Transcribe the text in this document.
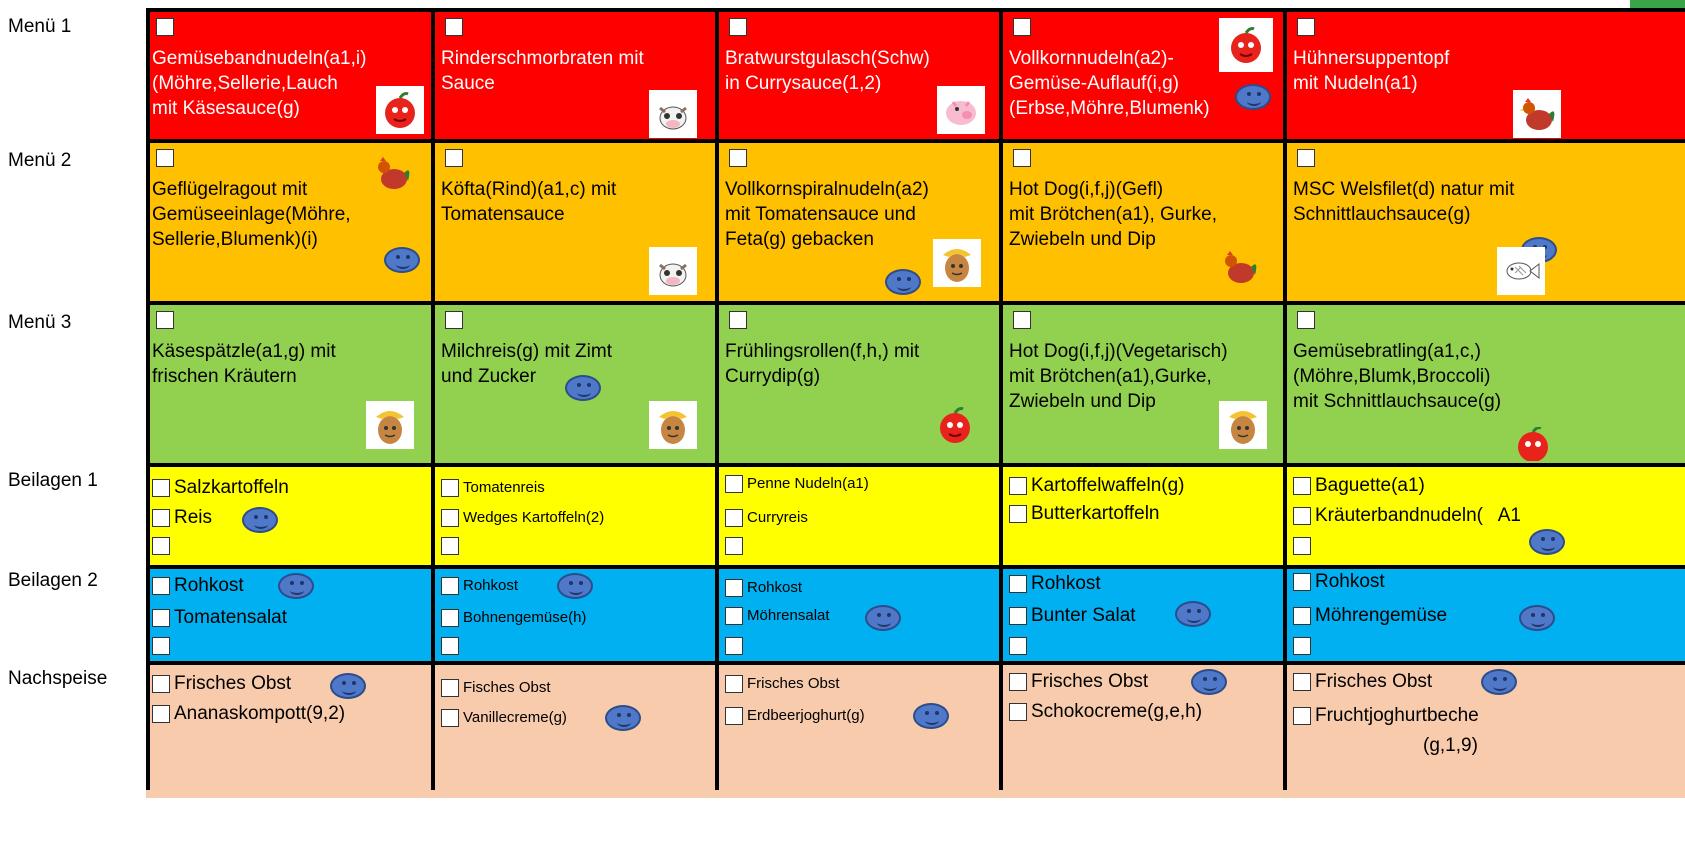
Menü 1
Menü 2
Menü 3
Beilagen 1
Beilagen 2
Nachspeise
Gemüsebandnudeln(a1,i)
(Möhre,Sellerie,Lauch
mit Käsesauce(g)
Rinderschmorbraten mit
Sauce
Bratwurstgulasch(Schw)
in Currysauce(1,2)
Vollkornnudeln(a2)-
Gemüse-Auflauf(i,g)
(Erbse,Möhre,Blumenk)
Hühnersuppentopf
mit Nudeln(a1)
Geflügelragout mit
Gemüseeinlage(Möhre,
Sellerie,Blumenk)(i)
Köfta(Rind)(a1,c) mit
Tomatensauce
Vollkornspiralnudeln(a2)
mit Tomatensauce und
Feta(g) gebacken
Hot Dog(i,f,j)(Gefl)
mit Brötchen(a1), Gurke,
Zwiebeln und Dip
MSC Welsfilet(d) natur mit
Schnittlauchsauce(g)
Käsespätzle(a1,g) mit
frischen Kräutern
Milchreis(g) mit Zimt
und Zucker
Frühlingsrollen(f,h,) mit
Currydip(g)
Hot Dog(i,f,j)(Vegetarisch)
mit Brötchen(a1),Gurke,
Zwiebeln und Dip
Gemüsebratling(a1,c,)
(Möhre,Blumk,Broccoli)
mit Schnittlauchsauce(g)
Salzkartoffeln
Reis
Tomatenreis
Wedges Kartoffeln(2)
Penne Nudeln(a1)
Curryreis
Kartoffelwaffeln(g)
Butterkartoffeln
Baguette(a1)
Kräuterbandnudeln(   A1
Rohkost
Tomatensalat
Rohkost
Bohnengemüse(h)
Rohkost
Möhrensalat
Rohkost
Bunter Salat
Rohkost
Möhrengemüse
Frisches Obst
Ananaskompott(9,2)
Fisches Obst
Vanillecreme(g)
Frisches Obst
Erdbeerjoghurt(g)
Frisches Obst
Schokocreme(g,e,h)
Frisches Obst
Fruchtjoghurtbeche
(g,1,9)
